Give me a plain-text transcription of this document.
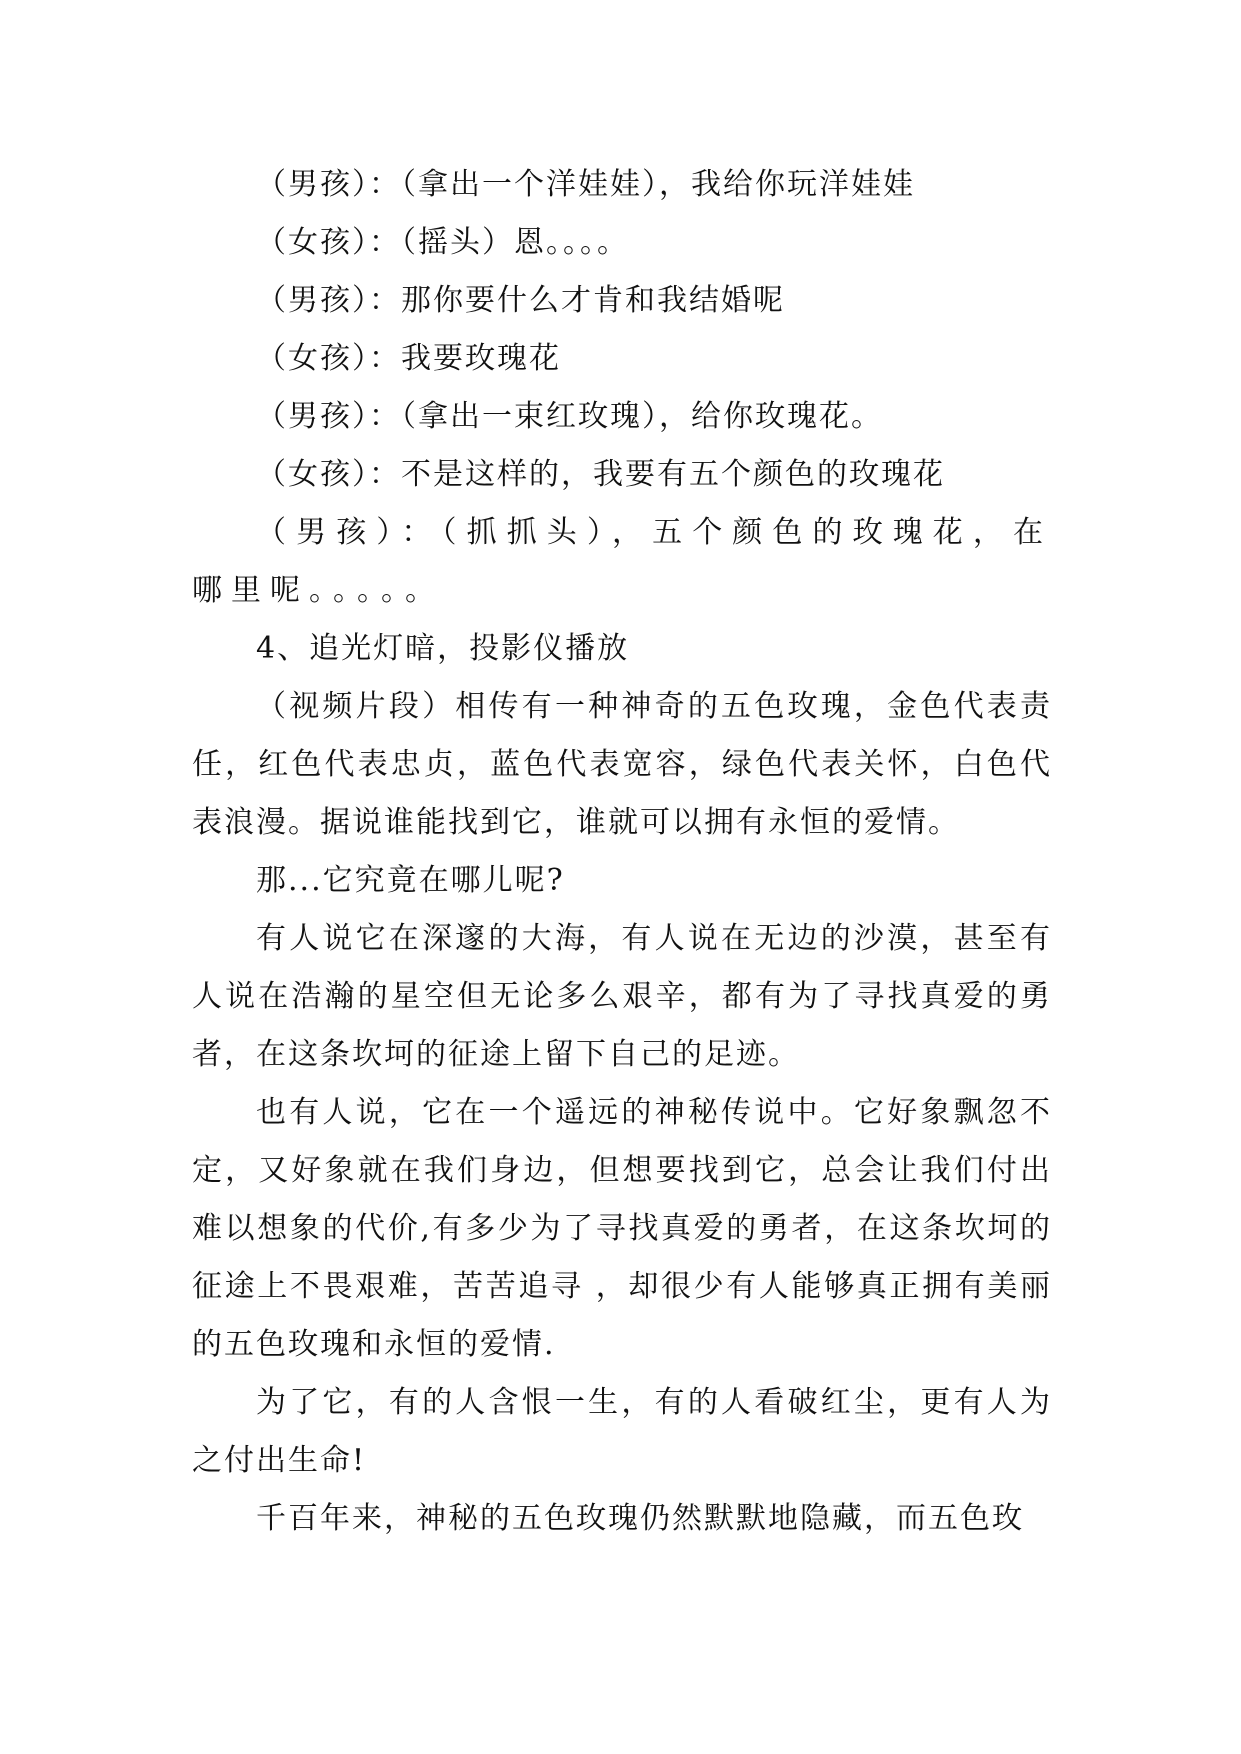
（男孩）：（拿出一个洋娃娃），我给你玩洋娃娃

（女孩）：（摇头）恩。。。。

（男孩）：那你要什么才肯和我结婚呢

（女孩）：我要玫瑰花

（男孩）：（拿出一束红玫瑰），给你玫瑰花。

（女孩）：不是这样的，我要有五个颜色的玫瑰花

（男孩）：（抓抓头），五个颜色的玫瑰花，在哪里呢。。。。。

4、追光灯暗，投影仪播放

（视频片段）相传有一种神奇的五色玫瑰，金色代表责任，红色代表忠贞，蓝色代表宽容，绿色代表关怀，白色代表浪漫。据说谁能找到它，谁就可以拥有永恒的爱情。

那...它究竟在哪儿呢?

有人说它在深邃的大海，有人说在无边的沙漠，甚至有人说在浩瀚的星空但无论多么艰辛，都有为了寻找真爱的勇者，在这条坎坷的征途上留下自己的足迹。

也有人说，它在一个遥远的神秘传说中。它好象飘忽不定，又好象就在我们身边，但想要找到它，总会让我们付出难以想象的代价,有多少为了寻找真爱的勇者，在这条坎坷的征途上不畏艰难，苦苦追寻 ，却很少有人能够真正拥有美丽的五色玫瑰和永恒的爱情.

为了它，有的人含恨一生，有的人看破红尘，更有人为之付出生命!

千百年来，神秘的五色玫瑰仍然默默地隐藏，而五色玫
